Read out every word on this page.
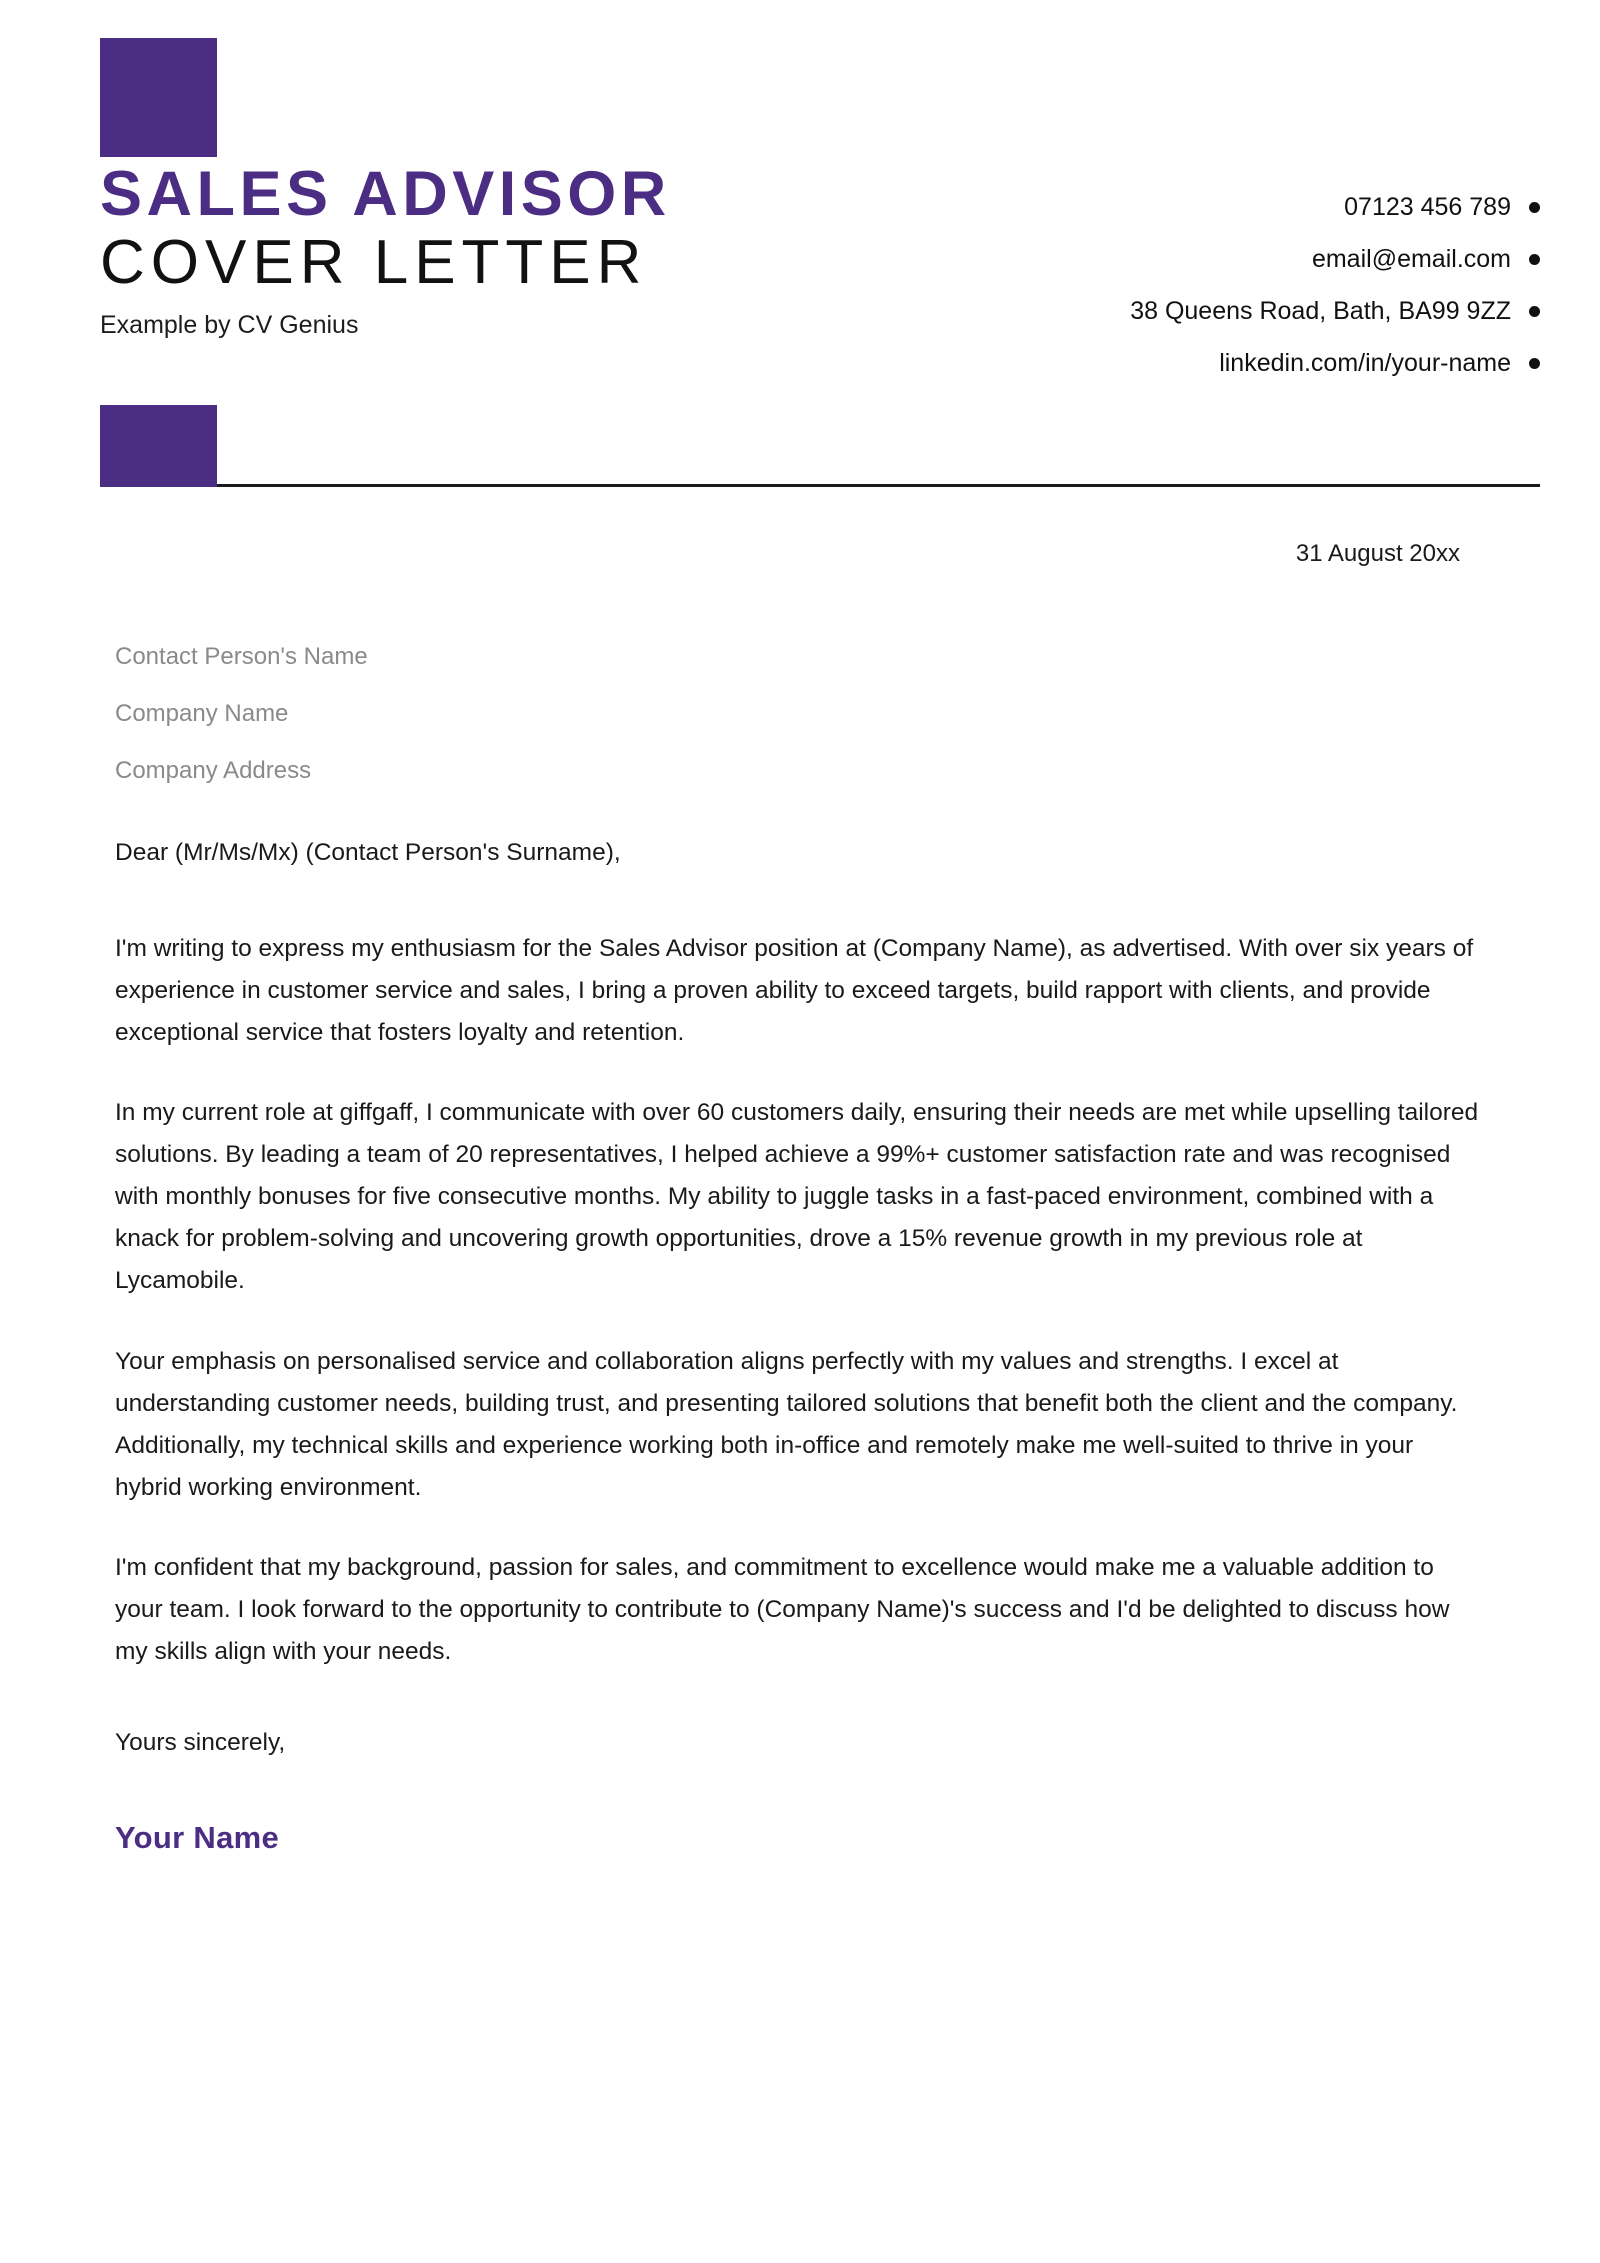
SALES ADVISOR
COVER LETTER

Example by CV Genius

07123 456 789
email@email.com
38 Queens Road, Bath, BA99 9ZZ
linkedin.com/in/your-name
31 August 20xx
Contact Person's Name
Company Name
Company Address
Dear (Mr/Ms/Mx) (Contact Person's Surname),

I'm writing to express my enthusiasm for the Sales Advisor position at (Company Name), as advertised. With over six years of experience in customer service and sales, I bring a proven ability to exceed targets, build rapport with clients, and provide exceptional service that fosters loyalty and retention.

In my current role at giffgaff, I communicate with over 60 customers daily, ensuring their needs are met while upselling tailored solutions. By leading a team of 20 representatives, I helped achieve a 99%+ customer satisfaction rate and was recognised with monthly bonuses for five consecutive months. My ability to juggle tasks in a fast-paced environment, combined with a knack for problem-solving and uncovering growth opportunities, drove a 15% revenue growth in my previous role at Lycamobile.

Your emphasis on personalised service and collaboration aligns perfectly with my values and strengths. I excel at understanding customer needs, building trust, and presenting tailored solutions that benefit both the client and the company. Additionally, my technical skills and experience working both in-office and remotely make me well-suited to thrive in your hybrid working environment.

I'm confident that my background, passion for sales, and commitment to excellence would make me a valuable addition to your team. I look forward to the opportunity to contribute to (Company Name)'s success and I'd be delighted to discuss how my skills align with your needs.

Yours sincerely,
Your Name
